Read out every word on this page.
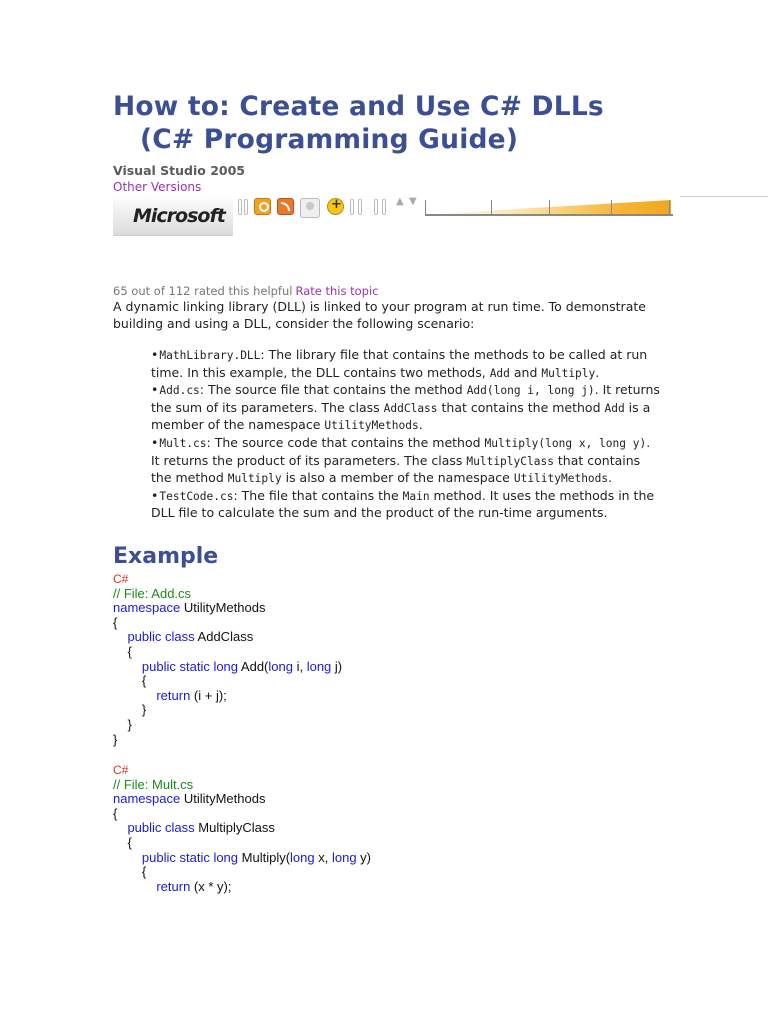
How to: Create and Use C# DLLs
(C# Programming Guide)
Visual Studio 2005
Other Versions
Microsoft
+
▲ ▼
65 out of 112 rated this helpful Rate this topic

A dynamic linking library (DLL) is linked to your program at run time. To demonstrate building and using a DLL, consider the following scenario:

•MathLibrary.DLL: The library file that contains the methods to be called at run time. In this example, the DLL contains two methods, Add and Multiply.
•Add.cs: The source file that contains the method Add(long i, long j). It returns the sum of its parameters. The class AddClass that contains the method Add is a member of the namespace UtilityMethods.
•Mult.cs: The source code that contains the method Multiply(long x, long y). It returns the product of its parameters. The class MultiplyClass that contains the method Multiply is also a member of the namespace UtilityMethods.
•TestCode.cs: The file that contains the Main method. It uses the methods in the DLL file to calculate the sum and the product of the run-time arguments.
Example
C#
// File: Add.cs
namespace UtilityMethods
{
public class AddClass
{
public static long Add(long i, long j)
{
return (i + j);
}
}
}
C#
// File: Mult.cs
namespace UtilityMethods
{
public class MultiplyClass
{
public static long Multiply(long x, long y)
{
return (x * y);
